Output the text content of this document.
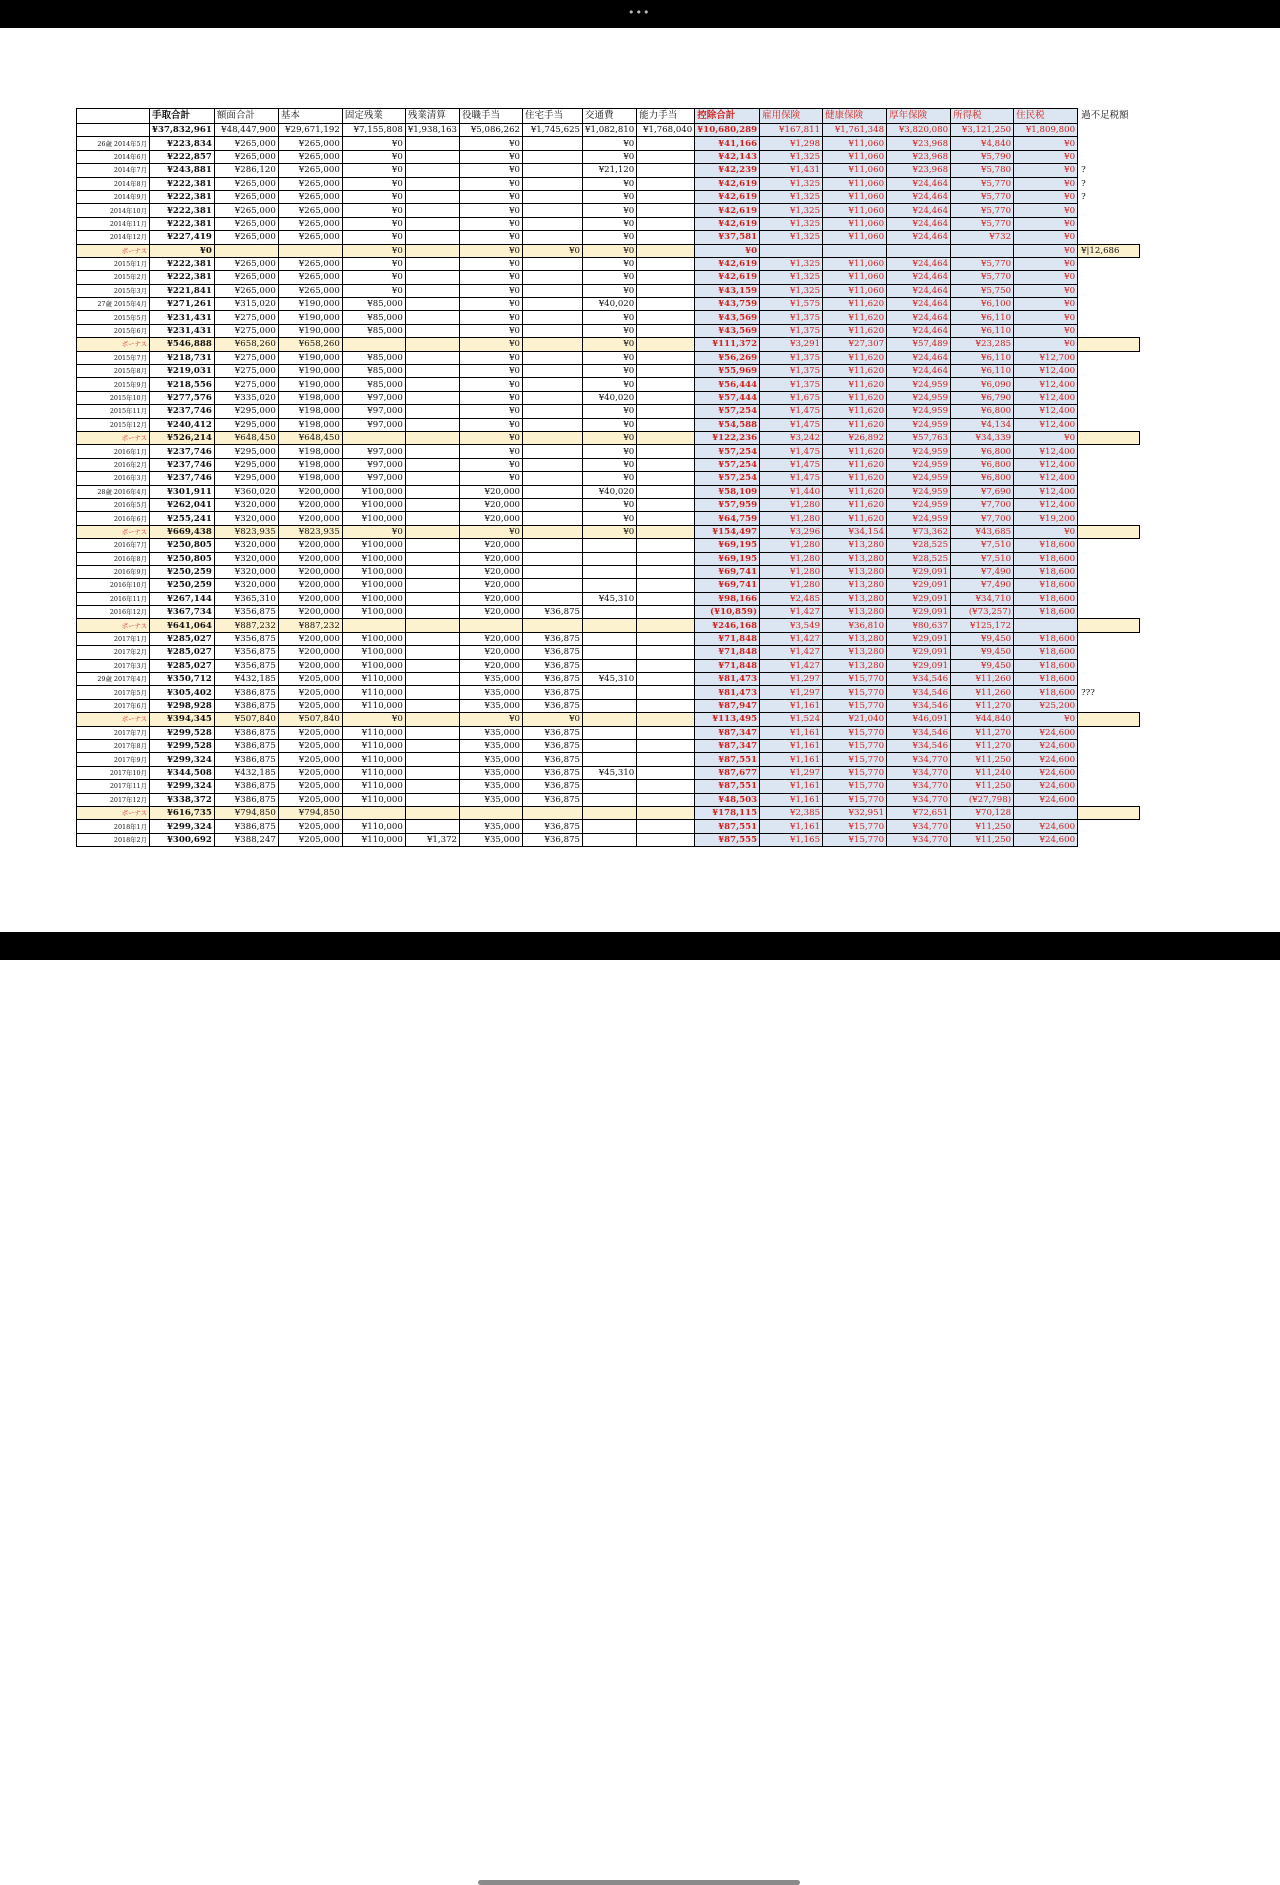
•••
	手取合計	額面合計	基本	固定残業	残業清算	役職手当	住宅手当	交通費	能力手当	控除合計	雇用保険	健康保険	厚年保険	所得税	住民税	過不足税額
	¥37,832,961	¥48,447,900	¥29,671,192	¥7,155,808	¥1,938,163	¥5,086,262	¥1,745,625	¥1,082,810	¥1,768,040	¥10,680,289	¥167,811	¥1,761,348	¥3,820,080	¥3,121,250	¥1,809,800	
26歳 2014年5月	¥223,834	¥265,000	¥265,000	¥0		¥0		¥0		¥41,166	¥1,298	¥11,060	¥23,968	¥4,840	¥0	
2014年6月	¥222,857	¥265,000	¥265,000	¥0		¥0		¥0		¥42,143	¥1,325	¥11,060	¥23,968	¥5,790	¥0	
2014年7月	¥243,881	¥286,120	¥265,000	¥0		¥0		¥21,120		¥42,239	¥1,431	¥11,060	¥23,968	¥5,780	¥0	?
2014年8月	¥222,381	¥265,000	¥265,000	¥0		¥0		¥0		¥42,619	¥1,325	¥11,060	¥24,464	¥5,770	¥0	?
2014年9月	¥222,381	¥265,000	¥265,000	¥0		¥0		¥0		¥42,619	¥1,325	¥11,060	¥24,464	¥5,770	¥0	?
2014年10月	¥222,381	¥265,000	¥265,000	¥0		¥0		¥0		¥42,619	¥1,325	¥11,060	¥24,464	¥5,770	¥0	
2014年11月	¥222,381	¥265,000	¥265,000	¥0		¥0		¥0		¥42,619	¥1,325	¥11,060	¥24,464	¥5,770	¥0	
2014年12月	¥227,419	¥265,000	¥265,000	¥0		¥0		¥0		¥37,581	¥1,325	¥11,060	¥24,464	¥732	¥0	
ボーナス	¥0			¥0		¥0	¥0	¥0		¥0					¥0	¥|12,686
2015年1月	¥222,381	¥265,000	¥265,000	¥0		¥0		¥0		¥42,619	¥1,325	¥11,060	¥24,464	¥5,770	¥0	
2015年2月	¥222,381	¥265,000	¥265,000	¥0		¥0		¥0		¥42,619	¥1,325	¥11,060	¥24,464	¥5,770	¥0	
2015年3月	¥221,841	¥265,000	¥265,000	¥0		¥0		¥0		¥43,159	¥1,325	¥11,060	¥24,464	¥5,750	¥0	
27歳 2015年4月	¥271,261	¥315,020	¥190,000	¥85,000		¥0		¥40,020		¥43,759	¥1,575	¥11,620	¥24,464	¥6,100	¥0	
2015年5月	¥231,431	¥275,000	¥190,000	¥85,000		¥0		¥0		¥43,569	¥1,375	¥11,620	¥24,464	¥6,110	¥0	
2015年6月	¥231,431	¥275,000	¥190,000	¥85,000		¥0		¥0		¥43,569	¥1,375	¥11,620	¥24,464	¥6,110	¥0	
ボーナス	¥546,888	¥658,260	¥658,260			¥0		¥0		¥111,372	¥3,291	¥27,307	¥57,489	¥23,285	¥0	
2015年7月	¥218,731	¥275,000	¥190,000	¥85,000		¥0		¥0		¥56,269	¥1,375	¥11,620	¥24,464	¥6,110	¥12,700	
2015年8月	¥219,031	¥275,000	¥190,000	¥85,000		¥0		¥0		¥55,969	¥1,375	¥11,620	¥24,464	¥6,110	¥12,400	
2015年9月	¥218,556	¥275,000	¥190,000	¥85,000		¥0		¥0		¥56,444	¥1,375	¥11,620	¥24,959	¥6,090	¥12,400	
2015年10月	¥277,576	¥335,020	¥198,000	¥97,000		¥0		¥40,020		¥57,444	¥1,675	¥11,620	¥24,959	¥6,790	¥12,400	
2015年11月	¥237,746	¥295,000	¥198,000	¥97,000		¥0		¥0		¥57,254	¥1,475	¥11,620	¥24,959	¥6,800	¥12,400	
2015年12月	¥240,412	¥295,000	¥198,000	¥97,000		¥0		¥0		¥54,588	¥1,475	¥11,620	¥24,959	¥4,134	¥12,400	
ボーナス	¥526,214	¥648,450	¥648,450			¥0		¥0		¥122,236	¥3,242	¥26,892	¥57,763	¥34,339	¥0	
2016年1月	¥237,746	¥295,000	¥198,000	¥97,000		¥0		¥0		¥57,254	¥1,475	¥11,620	¥24,959	¥6,800	¥12,400	
2016年2月	¥237,746	¥295,000	¥198,000	¥97,000		¥0		¥0		¥57,254	¥1,475	¥11,620	¥24,959	¥6,800	¥12,400	
2016年3月	¥237,746	¥295,000	¥198,000	¥97,000		¥0		¥0		¥57,254	¥1,475	¥11,620	¥24,959	¥6,800	¥12,400	
28歳 2016年4月	¥301,911	¥360,020	¥200,000	¥100,000		¥20,000		¥40,020		¥58,109	¥1,440	¥11,620	¥24,959	¥7,690	¥12,400	
2016年5月	¥262,041	¥320,000	¥200,000	¥100,000		¥20,000		¥0		¥57,959	¥1,280	¥11,620	¥24,959	¥7,700	¥12,400	
2016年6月	¥255,241	¥320,000	¥200,000	¥100,000		¥20,000		¥0		¥64,759	¥1,280	¥11,620	¥24,959	¥7,700	¥19,200	
ボーナス	¥669,438	¥823,935	¥823,935	¥0		¥0		¥0		¥154,497	¥3,296	¥34,154	¥73,362	¥43,685	¥0	
2016年7月	¥250,805	¥320,000	¥200,000	¥100,000		¥20,000				¥69,195	¥1,280	¥13,280	¥28,525	¥7,510	¥18,600	
2016年8月	¥250,805	¥320,000	¥200,000	¥100,000		¥20,000				¥69,195	¥1,280	¥13,280	¥28,525	¥7,510	¥18,600	
2016年9月	¥250,259	¥320,000	¥200,000	¥100,000		¥20,000				¥69,741	¥1,280	¥13,280	¥29,091	¥7,490	¥18,600	
2016年10月	¥250,259	¥320,000	¥200,000	¥100,000		¥20,000				¥69,741	¥1,280	¥13,280	¥29,091	¥7,490	¥18,600	
2016年11月	¥267,144	¥365,310	¥200,000	¥100,000		¥20,000		¥45,310		¥98,166	¥2,485	¥13,280	¥29,091	¥34,710	¥18,600	
2016年12月	¥367,734	¥356,875	¥200,000	¥100,000		¥20,000	¥36,875			(¥10,859)	¥1,427	¥13,280	¥29,091	(¥73,257)	¥18,600	
ボーナス	¥641,064	¥887,232	¥887,232							¥246,168	¥3,549	¥36,810	¥80,637	¥125,172		
2017年1月	¥285,027	¥356,875	¥200,000	¥100,000		¥20,000	¥36,875			¥71,848	¥1,427	¥13,280	¥29,091	¥9,450	¥18,600	
2017年2月	¥285,027	¥356,875	¥200,000	¥100,000		¥20,000	¥36,875			¥71,848	¥1,427	¥13,280	¥29,091	¥9,450	¥18,600	
2017年3月	¥285,027	¥356,875	¥200,000	¥100,000		¥20,000	¥36,875			¥71,848	¥1,427	¥13,280	¥29,091	¥9,450	¥18,600	
29歳 2017年4月	¥350,712	¥432,185	¥205,000	¥110,000		¥35,000	¥36,875	¥45,310		¥81,473	¥1,297	¥15,770	¥34,546	¥11,260	¥18,600	
2017年5月	¥305,402	¥386,875	¥205,000	¥110,000		¥35,000	¥36,875			¥81,473	¥1,297	¥15,770	¥34,546	¥11,260	¥18,600	???
2017年6月	¥298,928	¥386,875	¥205,000	¥110,000		¥35,000	¥36,875			¥87,947	¥1,161	¥15,770	¥34,546	¥11,270	¥25,200	
ボーナス	¥394,345	¥507,840	¥507,840	¥0		¥0	¥0			¥113,495	¥1,524	¥21,040	¥46,091	¥44,840	¥0	
2017年7月	¥299,528	¥386,875	¥205,000	¥110,000		¥35,000	¥36,875			¥87,347	¥1,161	¥15,770	¥34,546	¥11,270	¥24,600	
2017年8月	¥299,528	¥386,875	¥205,000	¥110,000		¥35,000	¥36,875			¥87,347	¥1,161	¥15,770	¥34,546	¥11,270	¥24,600	
2017年9月	¥299,324	¥386,875	¥205,000	¥110,000		¥35,000	¥36,875			¥87,551	¥1,161	¥15,770	¥34,770	¥11,250	¥24,600	
2017年10月	¥344,508	¥432,185	¥205,000	¥110,000		¥35,000	¥36,875	¥45,310		¥87,677	¥1,297	¥15,770	¥34,770	¥11,240	¥24,600	
2017年11月	¥299,324	¥386,875	¥205,000	¥110,000		¥35,000	¥36,875			¥87,551	¥1,161	¥15,770	¥34,770	¥11,250	¥24,600	
2017年12月	¥338,372	¥386,875	¥205,000	¥110,000		¥35,000	¥36,875			¥48,503	¥1,161	¥15,770	¥34,770	(¥27,798)	¥24,600	
ボーナス	¥616,735	¥794,850	¥794,850							¥178,115	¥2,385	¥32,951	¥72,651	¥70,128		
2018年1月	¥299,324	¥386,875	¥205,000	¥110,000		¥35,000	¥36,875			¥87,551	¥1,161	¥15,770	¥34,770	¥11,250	¥24,600	
2018年2月	¥300,692	¥388,247	¥205,000	¥110,000	¥1,372	¥35,000	¥36,875			¥87,555	¥1,165	¥15,770	¥34,770	¥11,250	¥24,600	
